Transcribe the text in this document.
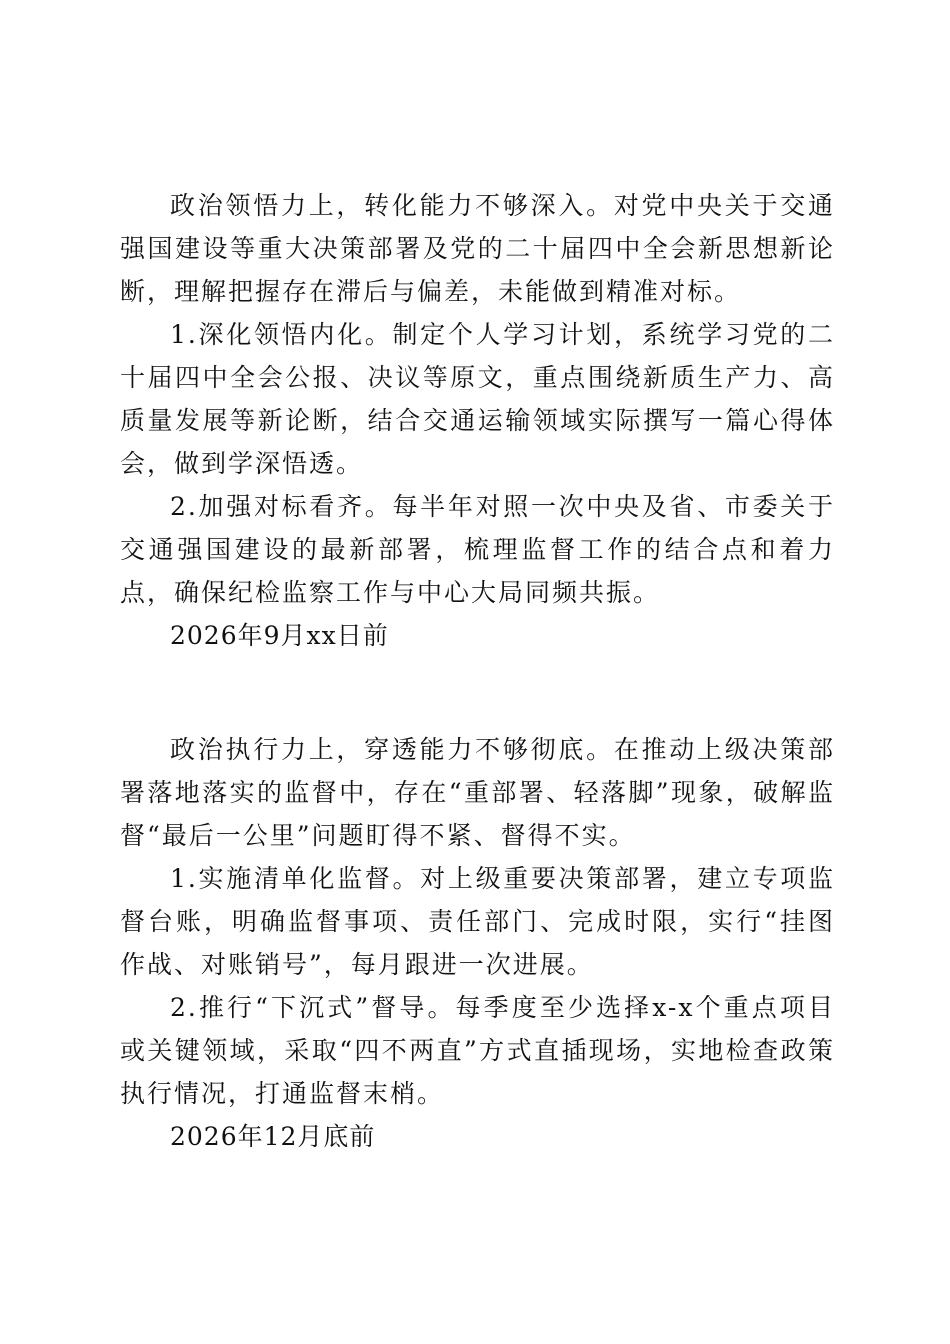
政治领悟力上，转化能力不够深入。对党中央关于交通强国建设等重大决策部署及党的二十届四中全会新思想新论断，理解把握存在滞后与偏差，未能做到精准对标。

1.深化领悟内化。制定个人学习计划，系统学习党的二十届四中全会公报、决议等原文，重点围绕新质生产力、高质量发展等新论断，结合交通运输领域实际撰写一篇心得体会，做到学深悟透。

2.加强对标看齐。每半年对照一次中央及省、市委关于交通强国建设的最新部署，梳理监督工作的结合点和着力点，确保纪检监察工作与中心大局同频共振。

2026年9月xx日前

政治执行力上，穿透能力不够彻底。在推动上级决策部署落地落实的监督中，存在“重部署、轻落脚”现象，破解监督“最后一公里”问题盯得不紧、督得不实。

1.实施清单化监督。对上级重要决策部署，建立专项监督台账，明确监督事项、责任部门、完成时限，实行“挂图作战、对账销号”，每月跟进一次进展。

2.推行“下沉式”督导。每季度至少选择x-x个重点项目或关键领域，采取“四不两直”方式直插现场，实地检查政策执行情况，打通监督末梢。

2026年12月底前
